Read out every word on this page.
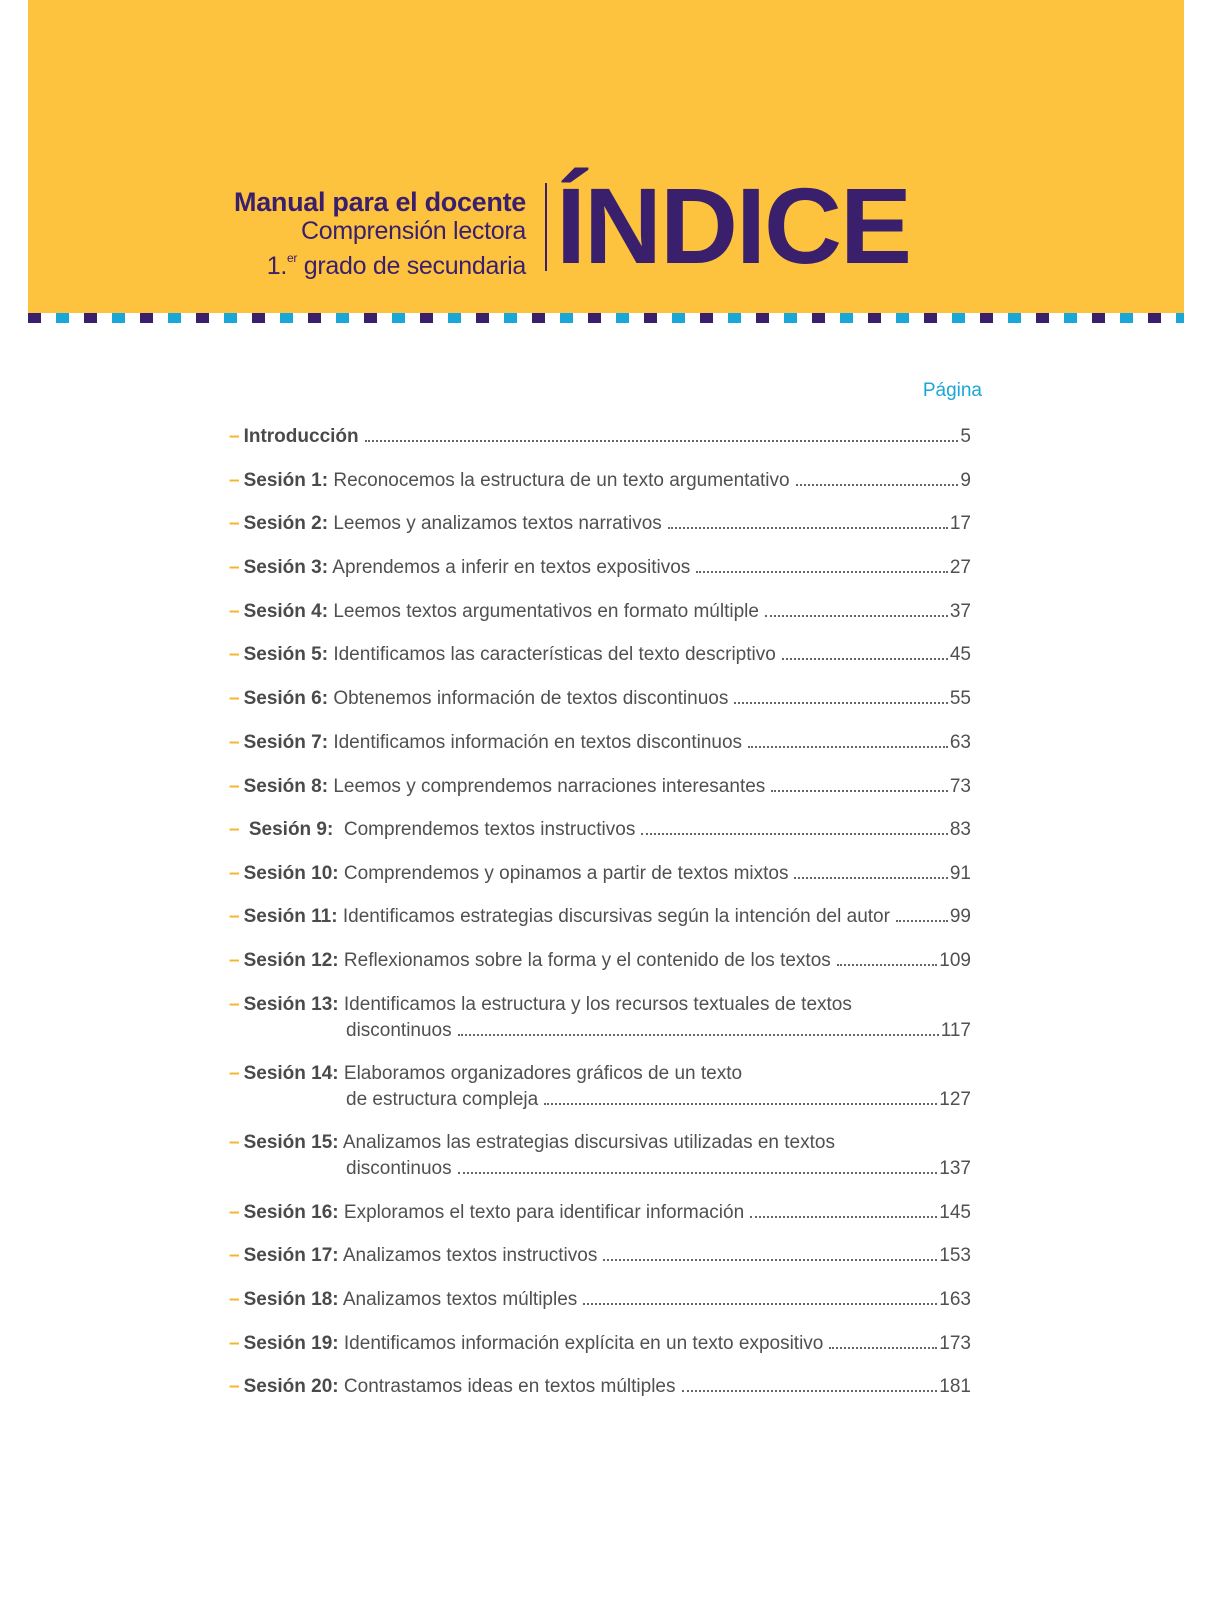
Manual para el docente
Comprensión lectora
1.$^{er}$ grado de secundaria ÍNDICE
Página
– Introducción	5
– Sesión 1: Reconocemos la estructura de un texto argumentativo	9
– Sesión 2: Leemos y analizamos textos narrativos	17
– Sesión 3: Aprendemos a inferir en textos expositivos	27
– Sesión 4: Leemos textos argumentativos en formato múltiple	37
– Sesión 5: Identificamos las características del texto descriptivo	45
– Sesión 6: Obtenemos información de textos discontinuos	55
– Sesión 7: Identificamos información en textos discontinuos	63
– Sesión 8: Leemos y comprendemos narraciones interesantes	73
– Sesión 9: Comprendemos textos instructivos	83
– Sesión 10: Comprendemos y opinamos a partir de textos mixtos	91
– Sesión 11: Identificamos estrategias discursivas según la intención del autor	99
– Sesión 12: Reflexionamos sobre la forma y el contenido de los textos	109
– Sesión 13: Identificamos la estructura y los recursos textuales de textos
discontinuos	117
– Sesión 14: Elaboramos organizadores gráficos de un texto
de estructura compleja	127
– Sesión 15: Analizamos las estrategias discursivas utilizadas en textos
discontinuos	137
– Sesión 16: Exploramos el texto para identificar información	145
– Sesión 17: Analizamos textos instructivos	153
– Sesión 18: Analizamos textos múltiples	163
– Sesión 19: Identificamos información explícita en un texto expositivo	173
– Sesión 20: Contrastamos ideas en textos múltiples	181
